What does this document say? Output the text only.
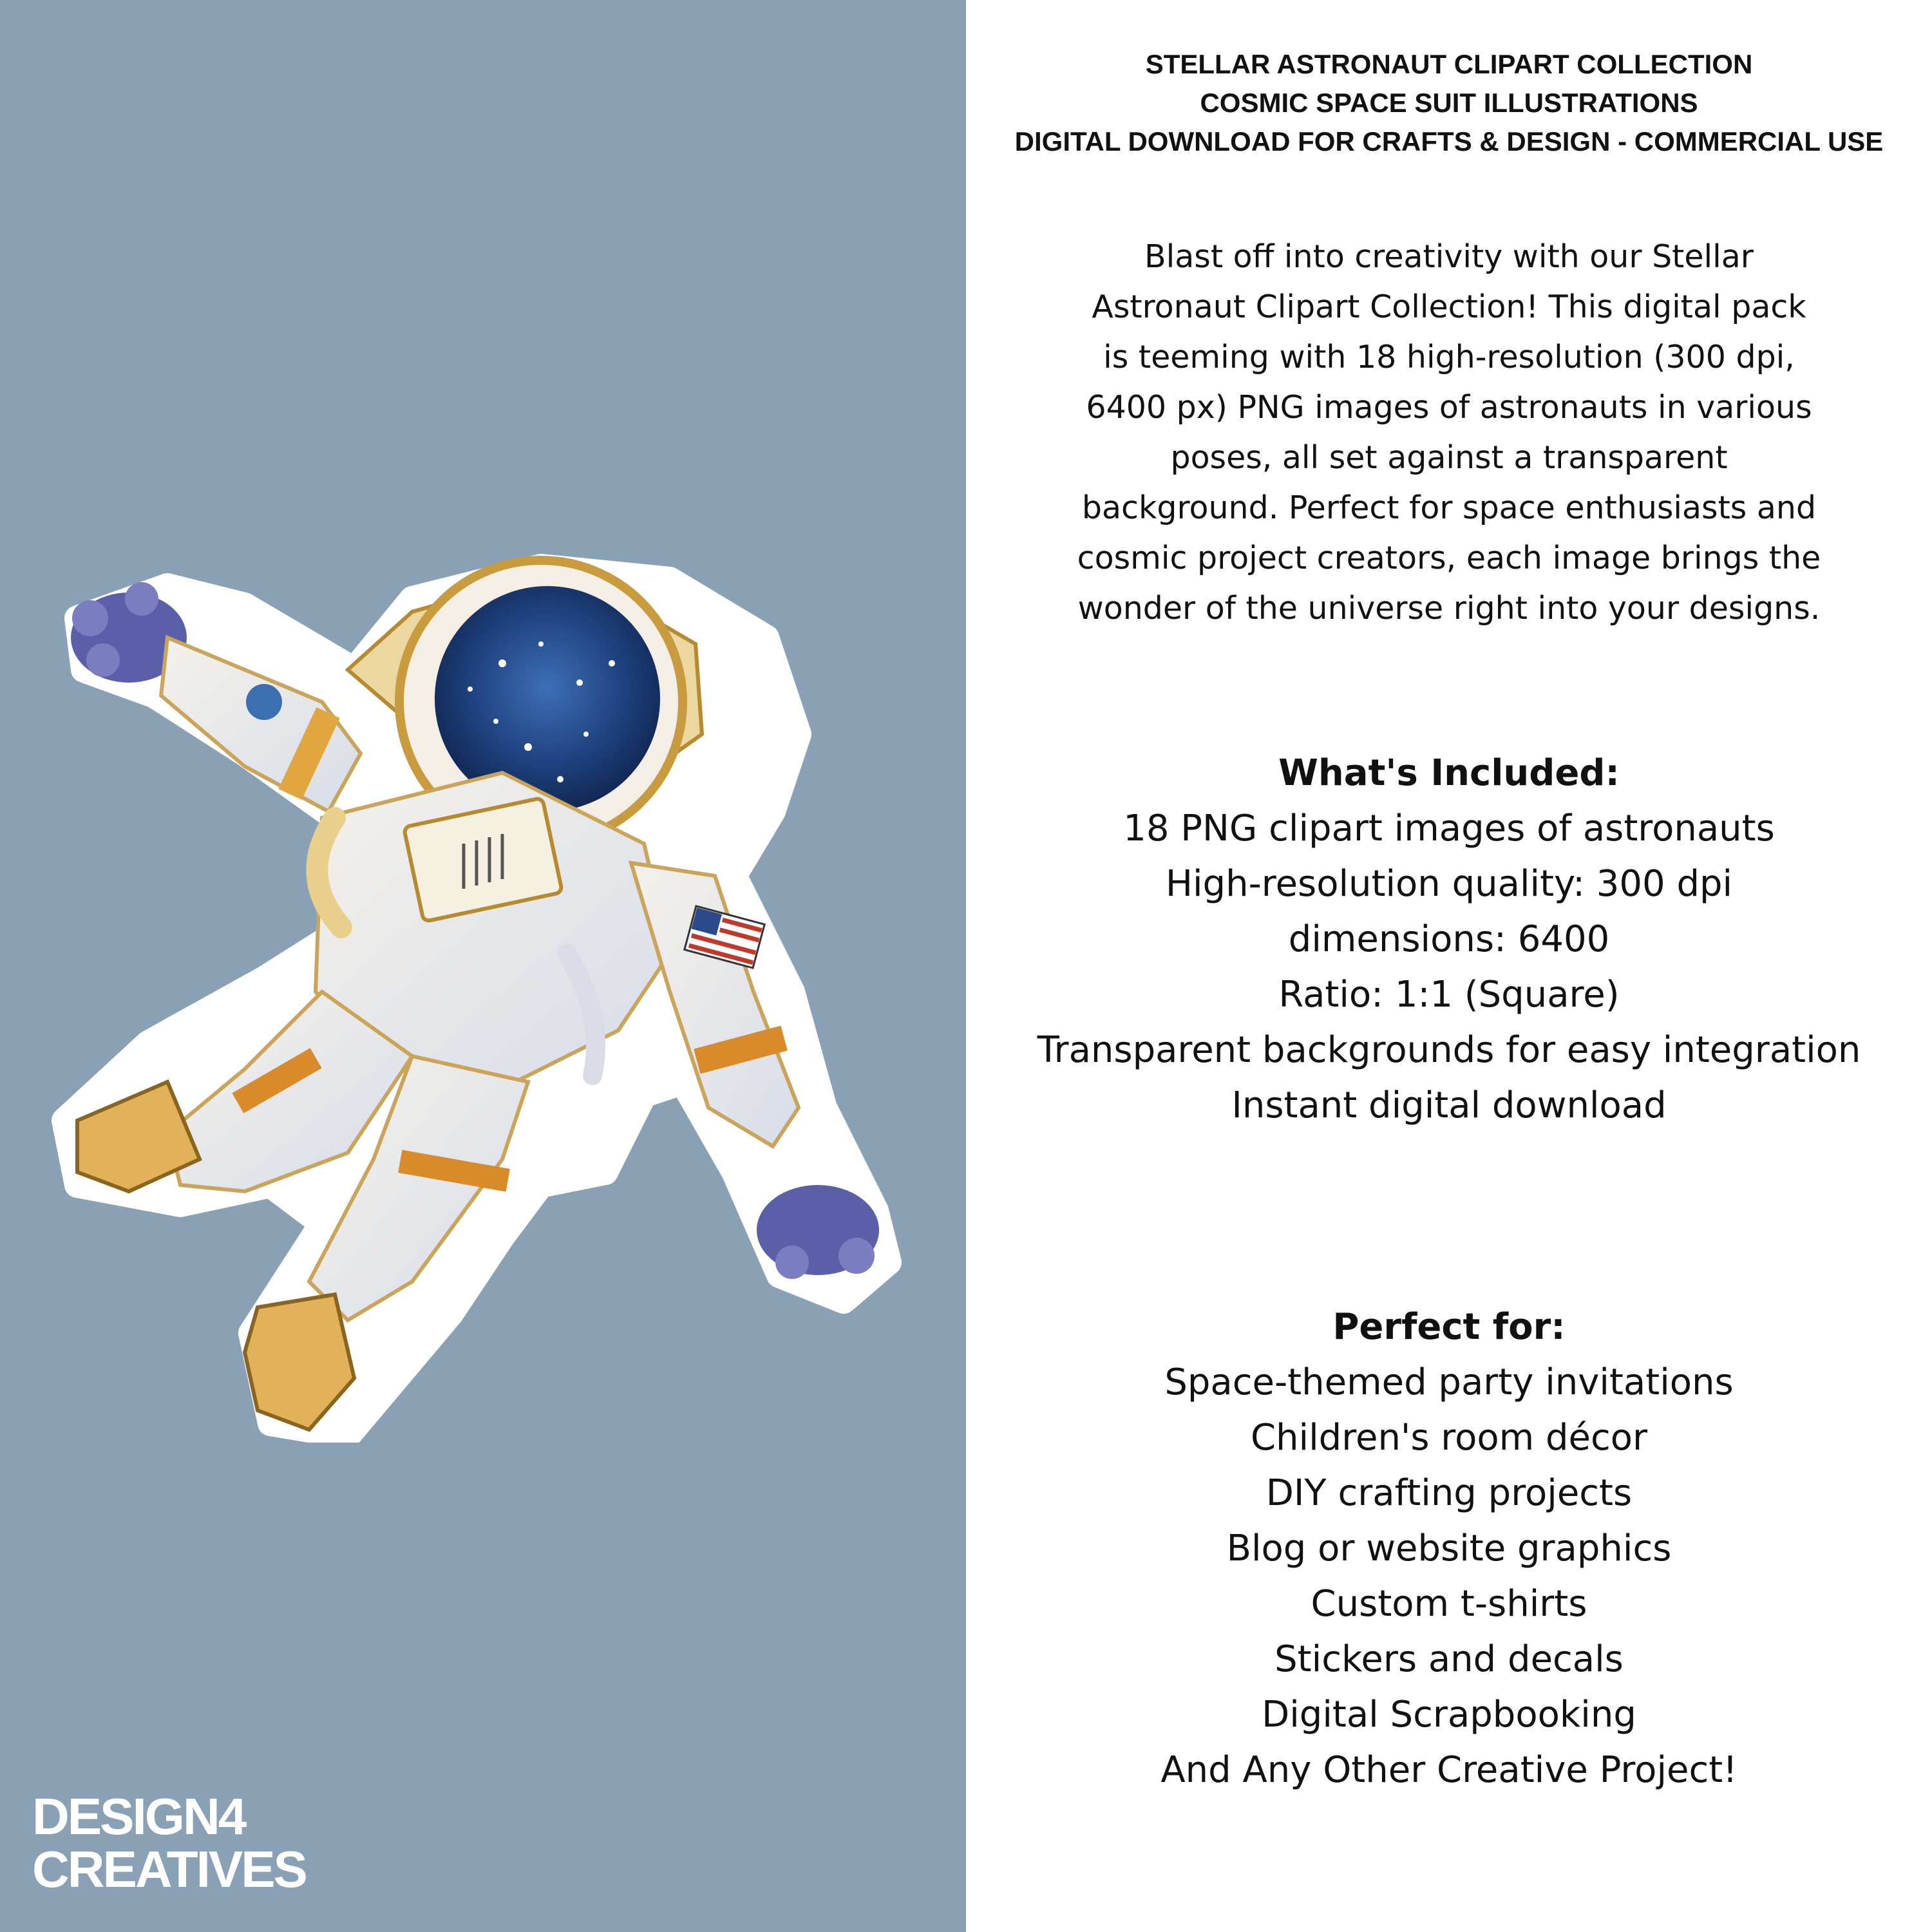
DESIGN4
CREATIVES
STELLAR ASTRONAUT CLIPART COLLECTION
COSMIC SPACE SUIT ILLUSTRATIONS
DIGITAL DOWNLOAD FOR CRAFTS & DESIGN - COMMERCIAL USE
Blast off into creativity with our Stellar
Astronaut Clipart Collection! This digital pack
is teeming with 18 high-resolution (300 dpi,
6400 px) PNG images of astronauts in various
poses, all set against a transparent
background. Perfect for space enthusiasts and
cosmic project creators, each image brings the
wonder of the universe right into your designs.
What's Included:
18 PNG clipart images of astronauts
High-resolution quality: 300 dpi
dimensions: 6400
Ratio: 1:1 (Square)
Transparent backgrounds for easy integration
Instant digital download
Perfect for:
Space-themed party invitations
Children's room décor
DIY crafting projects
Blog or website graphics
Custom t-shirts
Stickers and decals
Digital Scrapbooking
And Any Other Creative Project!
